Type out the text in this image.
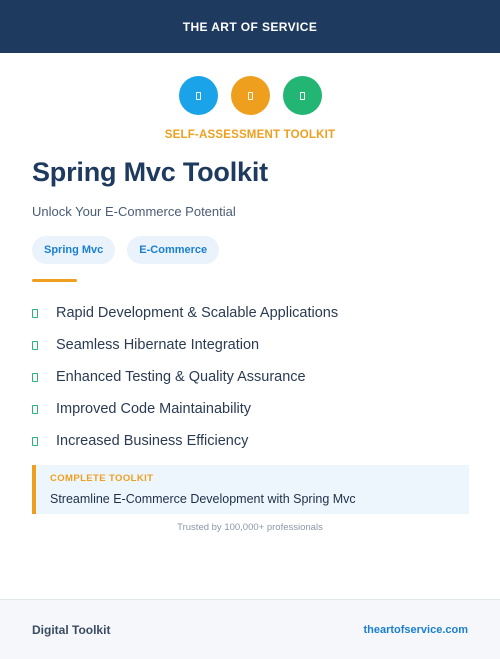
THE ART OF SERVICE
SELF-ASSESSMENT TOOLKIT
Spring Mvc Toolkit
Unlock Your E-Commerce Potential
Spring Mvc	E-Commerce
Rapid Development & Scalable Applications
Seamless Hibernate Integration
Enhanced Testing & Quality Assurance
Improved Code Maintainability
Increased Business Efficiency
COMPLETE TOOLKIT
Streamline E-Commerce Development with Spring Mvc
Trusted by 100,000+ professionals
Digital Toolkit	theartofservice.com
